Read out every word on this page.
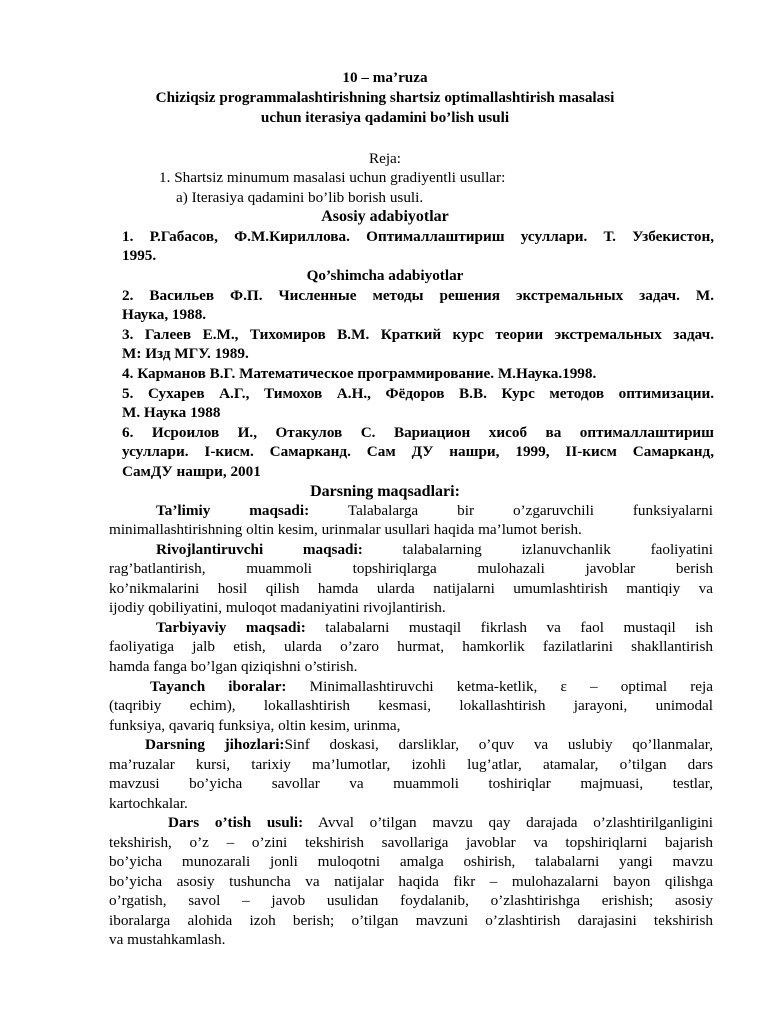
10 – ma’ruza
Chiziqsiz programmalashtirishning shartsiz optimallashtirish masalasi
uchun iterasiya qadamini bo’lish usuli
Reja:
1. Shartsiz minumum masalasi uchun gradiyentli usullar:
a) Iterasiya qadamini bo’lib borish usuli.
Asosiy adabiyotlar
1. Р.Габасов, Ф.М.Кириллова. Оптималлаштириш усуллари. Т. Узбекистон,
1995.
Qo’shimcha adabiyotlar
2. Васильев Ф.П. Численные методы решения экстремальных задач. М.
Наука, 1988.
3. Галеев Е.М., Тихомиров В.М. Краткий курс теории экстремальных задач.
М: Изд МГУ. 1989.
4. Карманов В.Г. Математическое программирование. М.Наука.1998.
5. Сухарев А.Г., Тимохов А.Н., Фёдоров В.В. Курс методов оптимизации.
М. Наука 1988
6. Исроилов И., Отакулов С. Вариацион хисоб ва оптималлаштириш
усуллари. I-кисм. Самарканд. Сам ДУ нашри, 1999, II-кисм Самарканд,
СамДУ нашри, 2001
Darsning maqsadlari:
Ta’limiy maqsadi: Talabalarga bir o’zgaruvchili funksiyalarni
minimallashtirishning oltin kesim, urinmalar usullari haqida ma’lumot berish.
Rivojlantiruvchi maqsadi: talabalarning izlanuvchanlik faoliyatini
rag’batlantirish, muammoli topshiriqlarga mulohazali javoblar berish
ko’nikmalarini hosil qilish hamda ularda natijalarni umumlashtirish mantiqiy va
ijodiy qobiliyatini, muloqot madaniyatini rivojlantirish.
Tarbiyaviy maqsadi: talabalarni mustaqil fikrlash va faol mustaqil ish
faoliyatiga jalb etish, ularda o’zaro hurmat, hamkorlik fazilatlarini shakllantirish
hamda fanga bo’lgan qiziqishni o’stirish.
Tayanch iboralar: Minimallashtiruvchi ketma-ketlik, ε – optimal reja
(taqribiy echim), lokallashtirish kesmasi, lokallashtirish jarayoni, unimodal
funksiya, qavariq funksiya, oltin kesim, urinma,
Darsning jihozlari:Sinf doskasi, darsliklar, o’quv va uslubiy qo’llanmalar,
ma’ruzalar kursi, tarixiy ma’lumotlar, izohli lug’atlar, atamalar, o’tilgan dars
mavzusi bo’yicha savollar va muammoli toshiriqlar majmuasi, testlar,
kartochkalar.
Dars o’tish usuli: Avval o’tilgan mavzu qay darajada o’zlashtirilganligini
tekshirish, o’z – o’zini tekshirish savollariga javoblar va topshiriqlarni bajarish
bo’yicha munozarali jonli muloqotni amalga oshirish, talabalarni yangi mavzu
bo’yicha asosiy tushuncha va natijalar haqida fikr – mulohazalarni bayon qilishga
o’rgatish, savol – javob usulidan foydalanib, o’zlashtirishga erishish; asosiy
iboralarga alohida izoh berish; o’tilgan mavzuni o’zlashtirish darajasini tekshirish
va mustahkamlash.
